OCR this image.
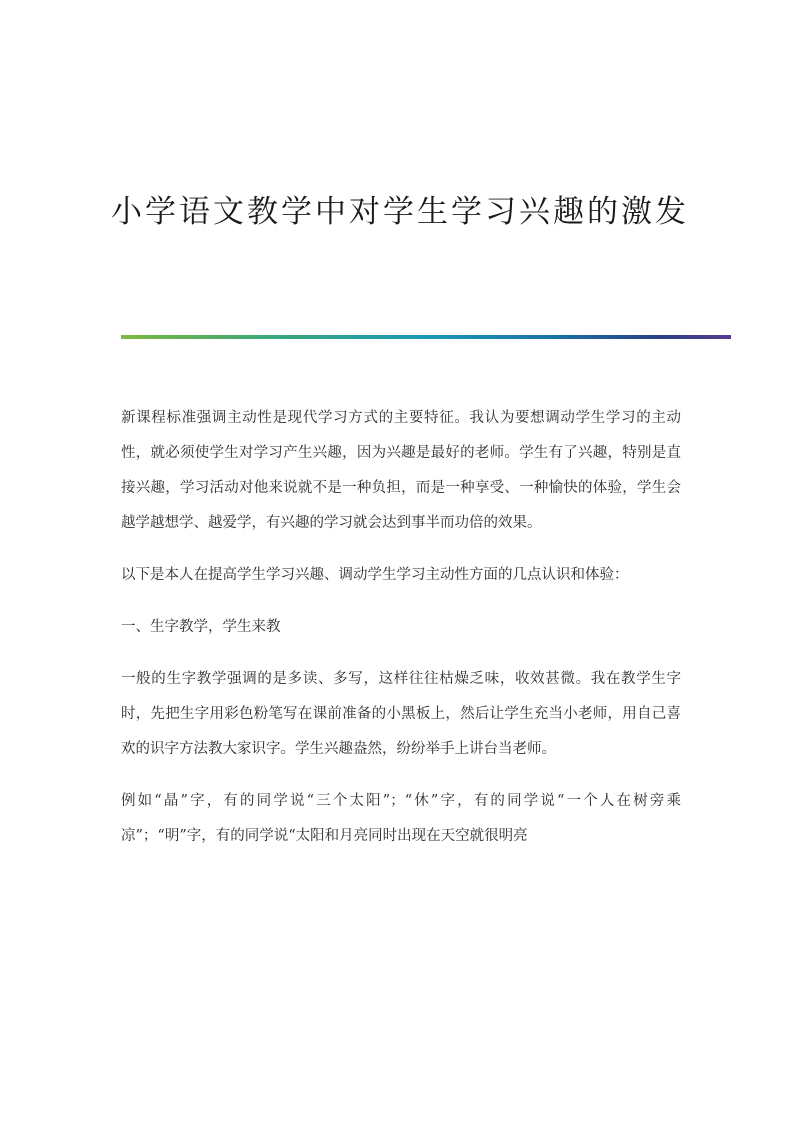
小学语文教学中对学生学习兴趣的激发

新课程标准强调主动性是现代学习方式的主要特征。我认为要想调动学生学习的主动性，就必须使学生对学习产生兴趣，因为兴趣是最好的老师。学生有了兴趣，特别是直接兴趣，学习活动对他来说就不是一种负担，而是一种享受、一种愉快的体验，学生会越学越想学、越爱学，有兴趣的学习就会达到事半而功倍的效果。

以下是本人在提高学生学习兴趣、调动学生学习主动性方面的几点认识和体验：

一、生字教学，学生来教

一般的生字教学强调的是多读、多写，这样往往枯燥乏味，收效甚微。我在教学生字时，先把生字用彩色粉笔写在课前准备的小黑板上，然后让学生充当小老师，用自己喜欢的识字方法教大家识字。学生兴趣盎然，纷纷举手上讲台当老师。

例如“晶”字，有的同学说“三个太阳”；“休”字，有的同学说“一个人在树旁乘凉”；“明”字，有的同学说“太阳和月亮同时出现在天空就很明亮
